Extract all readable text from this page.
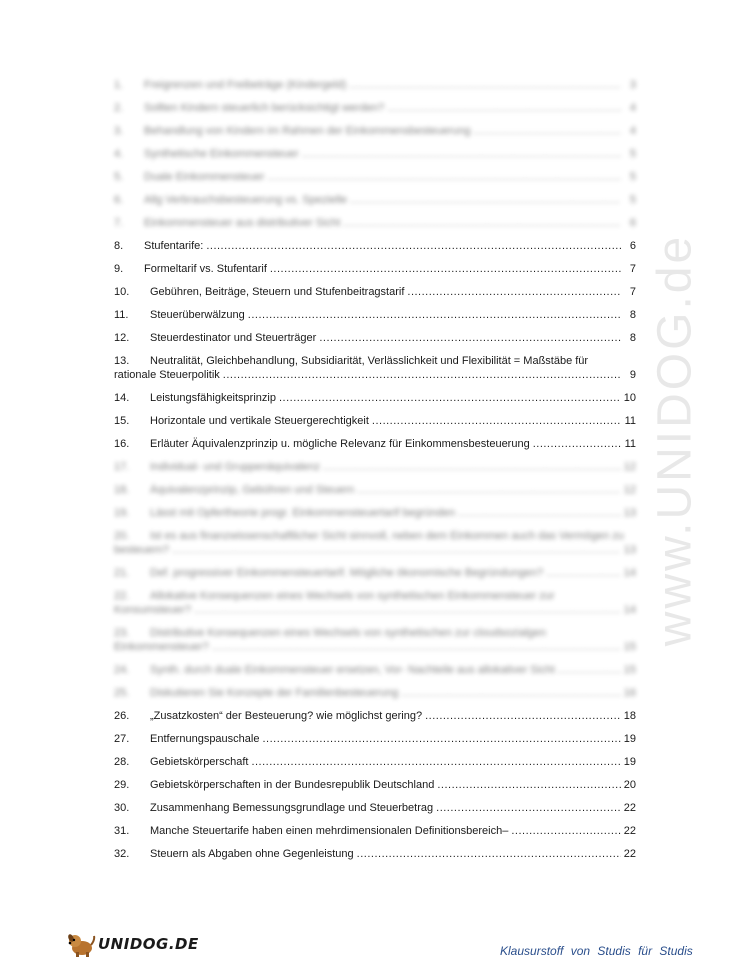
1.	Freigrenzen und Freibeträge (Kindergeld) .....	3
2.	Sollten Kindern steuerlich berücksichtigt werden? .....	4
3.	Behandlung von Kindern im Rahmen der Einkommensbesteuerung .....	4
4.	Synthetische Einkommensteuer .....	5
5.	Duale Einkommensteuer .....	5
6.	Allg Verbrauchsbesteuerung vs. Spezielle .....	5
7.	Einkommensteuer aus distributiver Sicht .....	6
8.	Stufentarife: .....	6
9.	Formeltarif vs. Stufentarif .....	7
10.	Gebühren, Beiträge, Steuern und Stufenbeitragstarif .....	7
11.	Steuerüberwälzung .....	8
12.	Steuerdestinator und Steuerträger .....	8
13. Neutralität, Gleichbehandlung, Subsidiarität, Verlässlichkeit und Flexibilität = Maßstäbe für
rationale Steuerpolitik .....	9
14.	Leistungsfähigkeitsprinzip .....	10
15.	Horizontale und vertikale Steuergerechtigkeit .....	11
16.	Erläuter Äquivalenzprinzip u. mögliche Relevanz für Einkommensbesteuerung .....	11
17.	Individual- und Gruppenäquivalenz .....	12
18.	Äquivalenzprinzip, Gebühren und Steuern .....	12
19.	Lässt mit Opfertheorie progr. Einkommensteuertarif begründen .....	13
20. Ist es aus finanzwissenschaftlicher Sicht sinnvoll, neben dem Einkommen auch das Vermögen zu
besteuern? .....	13
21.	Def. progressiver Einkommensteuertarif. Mögliche ökonomische Begründungen? .....	14
22. Allokative Konsequenzen eines Wechsels von synthetischen Einkommensteuer zur
Konsumsteuer? .....	14
23. Distributive Konsequenzen eines Wechsels von synthetischen zur cloudsozialgen
Einkommensteuer? .....	15
24.	Synth. durch duale Einkommensteuer ersetzen, Vor- Nachteile aus allokativer Sicht .....	15
25.	Diskutieren Sie Konzepte der Familienbesteuerung .....	16
26.	„Zusatzkosten“ der Besteuerung? wie möglichst gering? .....	18
27.	Entfernungspauschale .....	19
28.	Gebietskörperschaft .....	19
29.	Gebietskörperschaften in der Bundesrepublik Deutschland .....	20
30.	Zusammenhang Bemessungsgrundlage und Steuerbetrag .....	22
31.	Manche Steuertarife haben einen mehrdimensionalen Definitionsbereich– .....	22
32.	Steuern als Abgaben ohne Gegenleistung .....	22
www.UNIDOG.de
UNIDOG.DE	Klausurstoff von Studis für Studis
